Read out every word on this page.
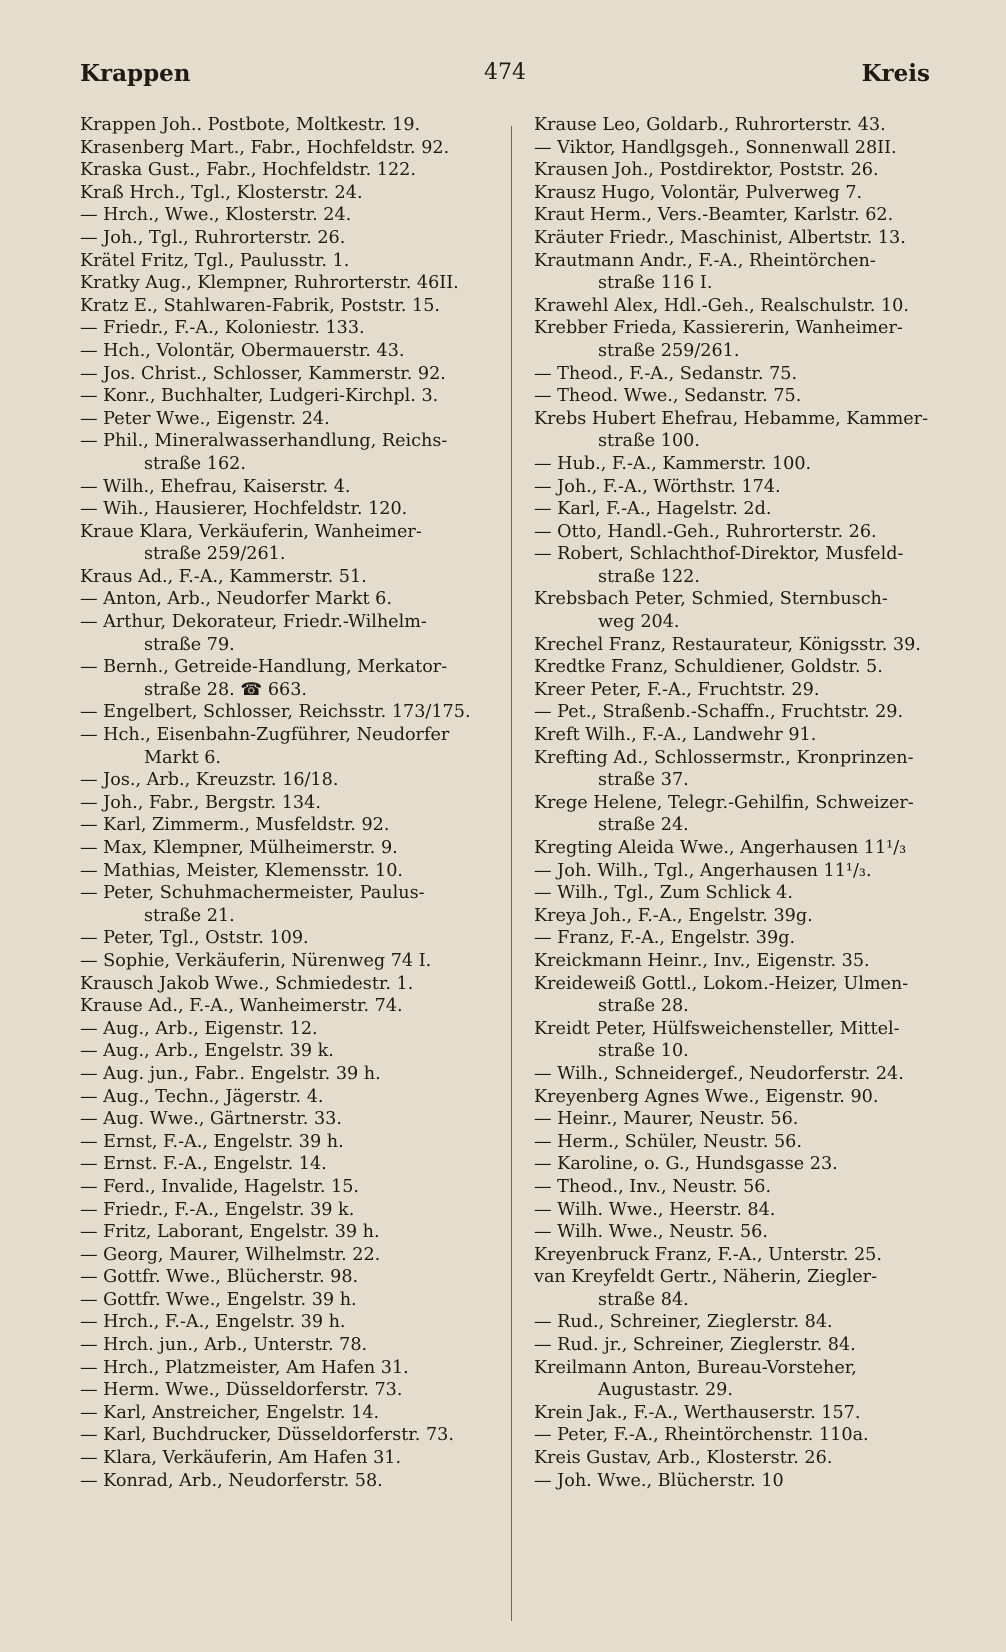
Krappen	474	Kreis
Krappen Joh.. Postbote, Moltkestr. 19.
Krasenberg Mart., Fabr., Hochfeldstr. 92.
Kraska Gust., Fabr., Hochfeldstr. 122.
Kraß Hrch., Tgl., Klosterstr. 24.
— Hrch., Wwe., Klosterstr. 24.
— Joh., Tgl., Ruhrorterstr. 26.
Krätel Fritz, Tgl., Paulusstr. 1.
Kratky Aug., Klempner, Ruhrorterstr. 46II.
Kratz E., Stahlwaren-Fabrik, Poststr. 15.
— Friedr., F.-A., Koloniestr. 133.
— Hch., Volontär, Obermauerstr. 43.
— Jos. Christ., Schlosser, Kammerstr. 92.
— Konr., Buchhalter, Ludgeri-Kirchpl. 3.
— Peter Wwe., Eigenstr. 24.
— Phil., Mineralwasserhandlung, Reichs-
straße 162.
— Wilh., Ehefrau, Kaiserstr. 4.
— Wih., Hausierer, Hochfeldstr. 120.
Kraue Klara, Verkäuferin, Wanheimer-
straße 259/261.
Kraus Ad., F.-A., Kammerstr. 51.
— Anton, Arb., Neudorfer Markt 6.
— Arthur, Dekorateur, Friedr.-Wilhelm-
straße 79.
— Bernh., Getreide-Handlung, Merkator-
straße 28. ☎ 663.
— Engelbert, Schlosser, Reichsstr. 173/175.
— Hch., Eisenbahn-Zugführer, Neudorfer
Markt 6.
— Jos., Arb., Kreuzstr. 16/18.
— Joh., Fabr., Bergstr. 134.
— Karl, Zimmerm., Musfeldstr. 92.
— Max, Klempner, Mülheimerstr. 9.
— Mathias, Meister, Klemensstr. 10.
— Peter, Schuhmachermeister, Paulus-
straße 21.
— Peter, Tgl., Oststr. 109.
— Sophie, Verkäuferin, Nürenweg 74 I.
Krausch Jakob Wwe., Schmiedestr. 1.
Krause Ad., F.-A., Wanheimerstr. 74.
— Aug., Arb., Eigenstr. 12.
— Aug., Arb., Engelstr. 39 k.
— Aug. jun., Fabr.. Engelstr. 39 h.
— Aug., Techn., Jägerstr. 4.
— Aug. Wwe., Gärtnerstr. 33.
— Ernst, F.-A., Engelstr. 39 h.
— Ernst. F.-A., Engelstr. 14.
— Ferd., Invalide, Hagelstr. 15.
— Friedr., F.-A., Engelstr. 39 k.
— Fritz, Laborant, Engelstr. 39 h.
— Georg, Maurer, Wilhelmstr. 22.
— Gottfr. Wwe., Blücherstr. 98.
— Gottfr. Wwe., Engelstr. 39 h.
— Hrch., F.-A., Engelstr. 39 h.
— Hrch. jun., Arb., Unterstr. 78.
— Hrch., Platzmeister, Am Hafen 31.
— Herm. Wwe., Düsseldorferstr. 73.
— Karl, Anstreicher, Engelstr. 14.
— Karl, Buchdrucker, Düsseldorferstr. 73.
— Klara, Verkäuferin, Am Hafen 31.
— Konrad, Arb., Neudorferstr. 58.
Krause Leo, Goldarb., Ruhrorterstr. 43.
— Viktor, Handlgsgeh., Sonnenwall 28II.
Krausen Joh., Postdirektor, Poststr. 26.
Krausz Hugo, Volontär, Pulverweg 7.
Kraut Herm., Vers.-Beamter, Karlstr. 62.
Kräuter Friedr., Maschinist, Albertstr. 13.
Krautmann Andr., F.-A., Rheintörchen-
straße 116 I.
Krawehl Alex, Hdl.-Geh., Realschulstr. 10.
Krebber Frieda, Kassiererin, Wanheimer-
straße 259/261.
— Theod., F.-A., Sedanstr. 75.
— Theod. Wwe., Sedanstr. 75.
Krebs Hubert Ehefrau, Hebamme, Kammer-
straße 100.
— Hub., F.-A., Kammerstr. 100.
— Joh., F.-A., Wörthstr. 174.
— Karl, F.-A., Hagelstr. 2d.
— Otto, Handl.-Geh., Ruhrorterstr. 26.
— Robert, Schlachthof-Direktor, Musfeld-
straße 122.
Krebsbach Peter, Schmied, Sternbusch-
weg 204.
Krechel Franz, Restaurateur, Königsstr. 39.
Kredtke Franz, Schuldiener, Goldstr. 5.
Kreer Peter, F.-A., Fruchtstr. 29.
— Pet., Straßenb.-Schaffn., Fruchtstr. 29.
Kreft Wilh., F.-A., Landwehr 91.
Krefting Ad., Schlossermstr., Kronprinzen-
straße 37.
Krege Helene, Telegr.-Gehilfin, Schweizer-
straße 24.
Kregting Aleida Wwe., Angerhausen 11¹/₃
— Joh. Wilh., Tgl., Angerhausen 11¹/₃.
— Wilh., Tgl., Zum Schlick 4.
Kreya Joh., F.-A., Engelstr. 39g.
— Franz, F.-A., Engelstr. 39g.
Kreickmann Heinr., Inv., Eigenstr. 35.
Kreideweiß Gottl., Lokom.-Heizer, Ulmen-
straße 28.
Kreidt Peter, Hülfsweichensteller, Mittel-
straße 10.
— Wilh., Schneidergef., Neudorferstr. 24.
Kreyenberg Agnes Wwe., Eigenstr. 90.
— Heinr., Maurer, Neustr. 56.
— Herm., Schüler, Neustr. 56.
— Karoline, o. G., Hundsgasse 23.
— Theod., Inv., Neustr. 56.
— Wilh. Wwe., Heerstr. 84.
— Wilh. Wwe., Neustr. 56.
Kreyenbruck Franz, F.-A., Unterstr. 25.
van Kreyfeldt Gertr., Näherin, Ziegler-
straße 84.
— Rud., Schreiner, Zieglerstr. 84.
— Rud. jr., Schreiner, Zieglerstr. 84.
Kreilmann Anton, Bureau-Vorsteher,
Augustastr. 29.
Krein Jak., F.-A., Werthauserstr. 157.
— Peter, F.-A., Rheintörchenstr. 110a.
Kreis Gustav, Arb., Klosterstr. 26.
— Joh. Wwe., Blücherstr. 10
